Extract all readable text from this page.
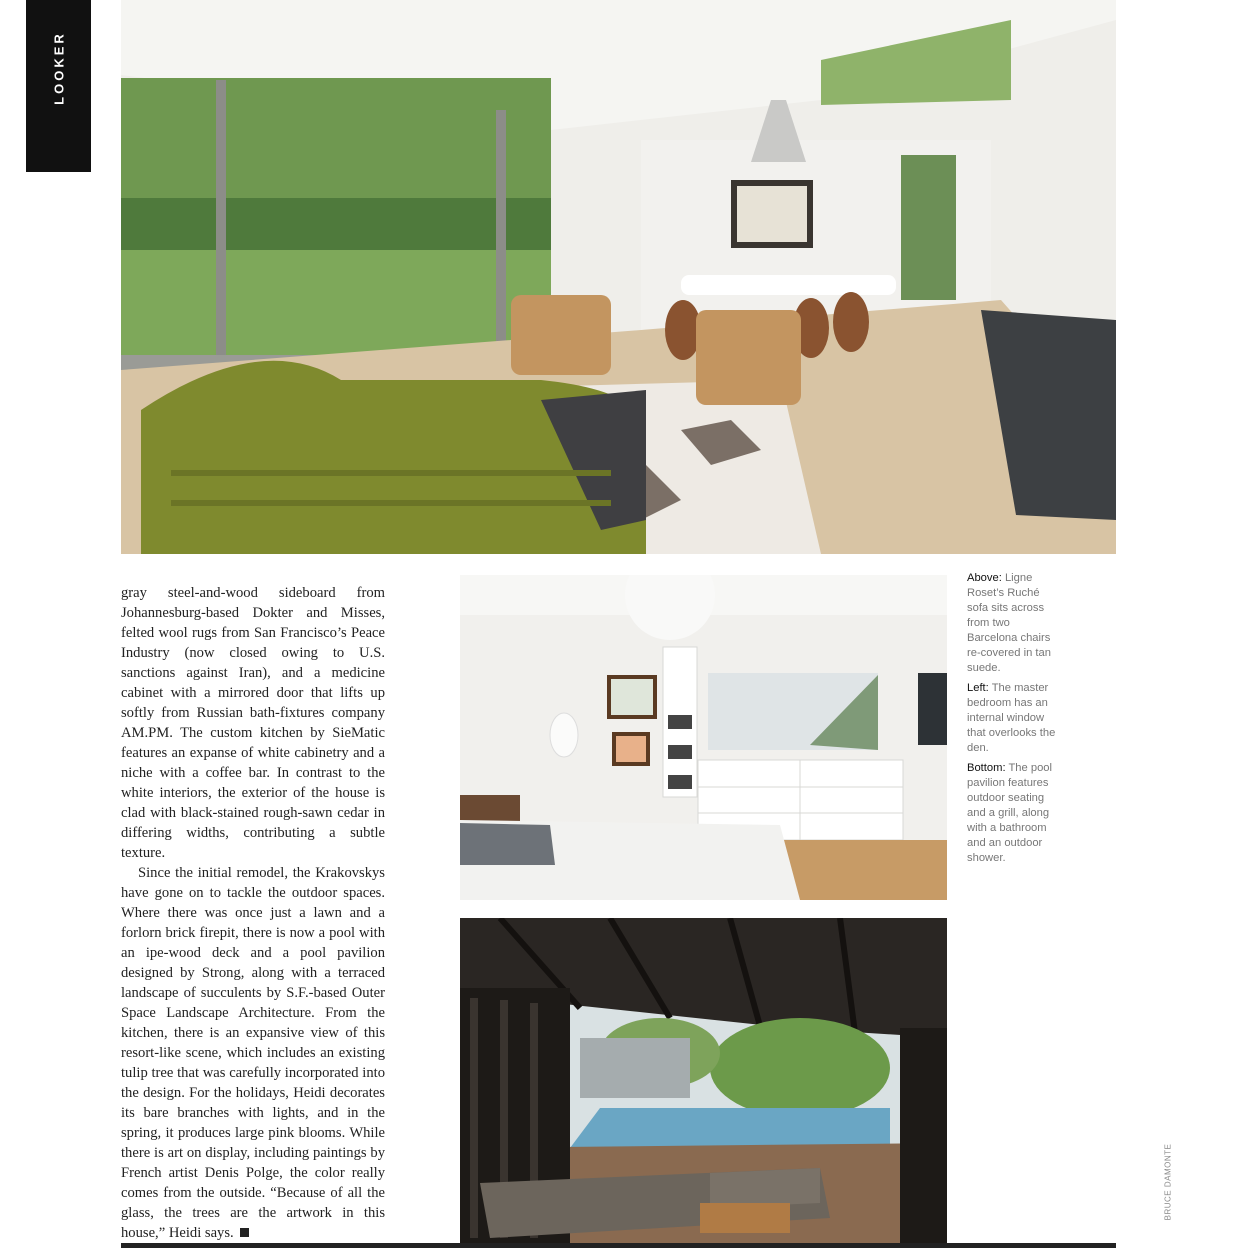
LOOKER

gray steel-and-wood sideboard from Johannesburg-based Dokter and Misses, felted wool rugs from San Francisco’s Peace Industry (now closed owing to U.S. sanctions against Iran), and a medicine cabinet with a mirrored door that lifts up softly from Russian bath-fixtures company AM.PM. The custom kitchen by SieMatic features an expanse of white cabinetry and a niche with a coffee bar. In contrast to the white interiors, the exterior of the house is clad with black-stained rough-sawn cedar in differing widths, contributing a subtle texture.

Since the initial remodel, the Krakovskys have gone on to tackle the outdoor spaces. Where there was once just a lawn and a forlorn brick firepit, there is now a pool with an ipe-wood deck and a pool pavilion designed by Strong, along with a terraced landscape of succulents by S.F.-based Outer Space Landscape Architecture. From the kitchen, there is an expansive view of this resort-like scene, which includes an existing tulip tree that was carefully incorporated into the design. For the holidays, Heidi decorates its bare branches with lights, and in the spring, it produces large pink blooms. While there is art on display, including paintings by French artist Denis Polge, the color really comes from the outside. “Because of all the glass, the trees are the artwork in this house,” Heidi says.

Above: Ligne Roset’s Ruché sofa sits across from two Barcelona chairs re-covered in tan suede.

Left: The master bedroom has an internal window that overlooks the den.

Bottom: The pool pavilion features outdoor seating and a grill, along with a bathroom and an outdoor shower.

BRUCE DAMONTE
